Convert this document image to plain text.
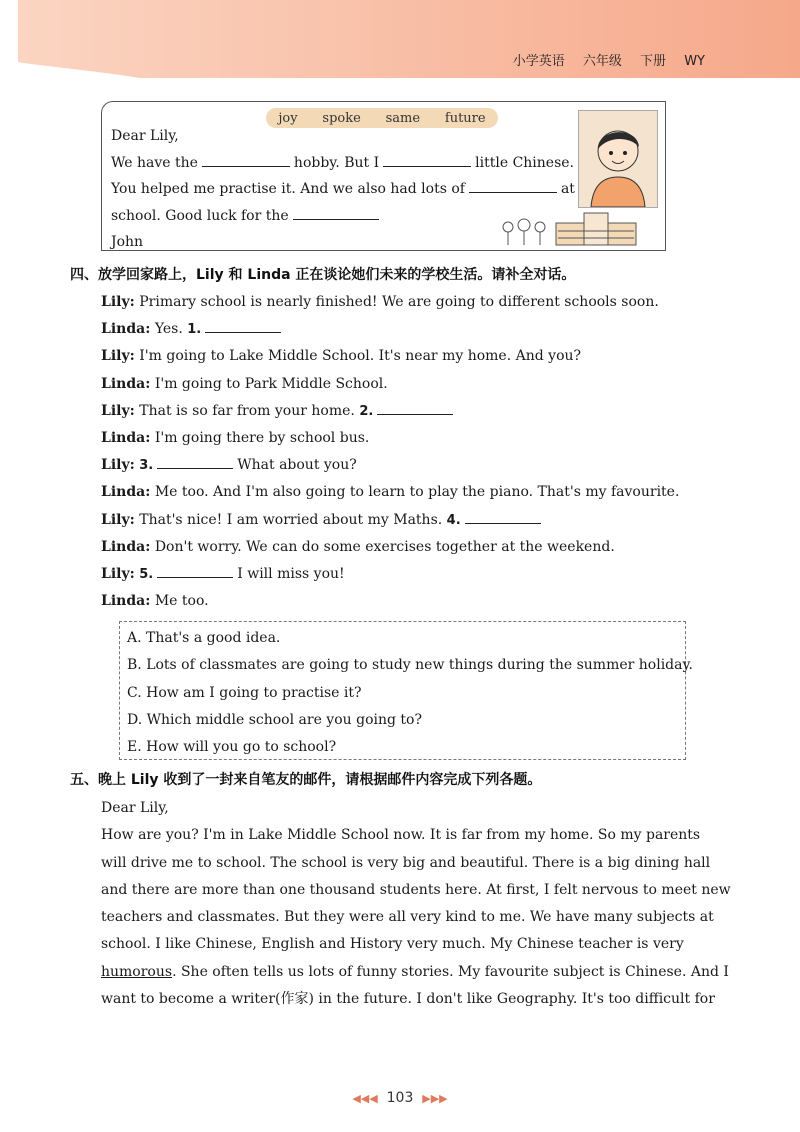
小学英语 六年级 下册 WY
joy spoke same future
Dear Lily,
We have the	hobby. But I	little Chinese.
You helped me practise it. And we also had lots of	at
school. Good luck for the
John
四、放学回家路上，Lily 和 Linda 正在谈论她们未来的学校生活。请补全对话。
Lily: Primary school is nearly finished! We are going to different schools soon.
Linda: Yes. 1.
Lily: I'm going to Lake Middle School. It's near my home. And you?
Linda: I'm going to Park Middle School.
Lily: That is so far from your home. 2.
Linda: I'm going there by school bus.
Lily: 3.	What about you?
Linda: Me too. And I'm also going to learn to play the piano. That's my favourite.
Lily: That's nice! I am worried about my Maths. 4.
Linda: Don't worry. We can do some exercises together at the weekend.
Lily: 5.	I will miss you!
Linda: Me too.
A. That's a good idea.
B. Lots of classmates are going to study new things during the summer holiday.
C. How am I going to practise it?
D. Which middle school are you going to?
E. How will you go to school?
五、晚上 Lily 收到了一封来自笔友的邮件，请根据邮件内容完成下列各题。
Dear Lily,
How are you? I'm in Lake Middle School now. It is far from my home. So my parents
will drive me to school. The school is very big and beautiful. There is a big dining hall
and there are more than one thousand students here. At first, I felt nervous to meet new
teachers and classmates. But they were all very kind to me. We have many subjects at
school. I like Chinese, English and History very much. My Chinese teacher is very
humorous. She often tells us lots of funny stories. My favourite subject is Chinese. And I
want to become a writer(作家) in the future. I don't like Geography. It's too difficult for
◀◀◀ 103 ▶▶▶
